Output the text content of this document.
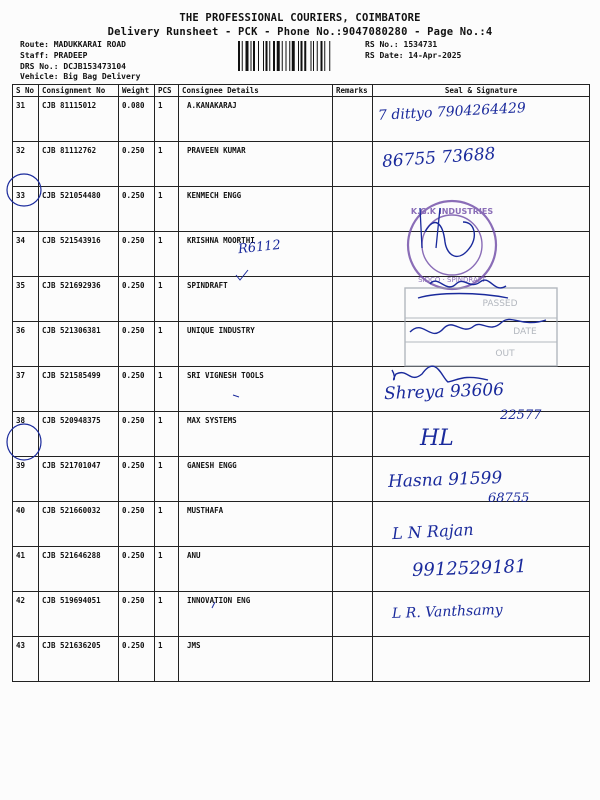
THE PROFESSIONAL COURIERS, COIMBATORE
Delivery Runsheet - PCK - Phone No.:9047080280 - Page No.:4
Route: MADUKKARAI ROAD
Staff: PRADEEP
DRS No.: DCJB153473104
Vehicle: Big Bag Delivery
RS No.: 1534731
RS Date: 14-Apr-2025
S No	Consignment No	Weight	PCS	Consignee Details	Remarks	Seal & Signature
31	CJB 81115012	0.080	1	A.KANAKARAJ		
32	CJB 81112762	0.250	1	PRAVEEN KUMAR		
33	CJB 521054480	0.250	1	KENMECH ENGG		
34	CJB 521543916	0.250	1	KRISHNA MOORTHI		
35	CJB 521692936	0.250	1	SPINDRAFT		
36	CJB 521306381	0.250	1	UNIQUE INDUSTRY		
37	CJB 521585499	0.250	1	SRI VIGNESH TOOLS		
38	CJB 520948375	0.250	1	MAX SYSTEMS		
39	CJB 521701047	0.250	1	GANESH ENGG		
40	CJB 521660032	0.250	1	MUSTHAFA		
41	CJB 521646288	0.250	1	ANU		
42	CJB 519694051	0.250	1	INNOVATION ENG		
43	CJB 521636205	0.250	1	JMS		
K.G.K INDUSTRIES
SIDCO · SPINDRAFT
PASSED
DATE
OUT
7 dittyo 7904264429
86755 73688
R6112
Shreya 93606
22577
HL
Hasna 91599
68755
L N Rajan
9912529181
L R. Vanthsamy
